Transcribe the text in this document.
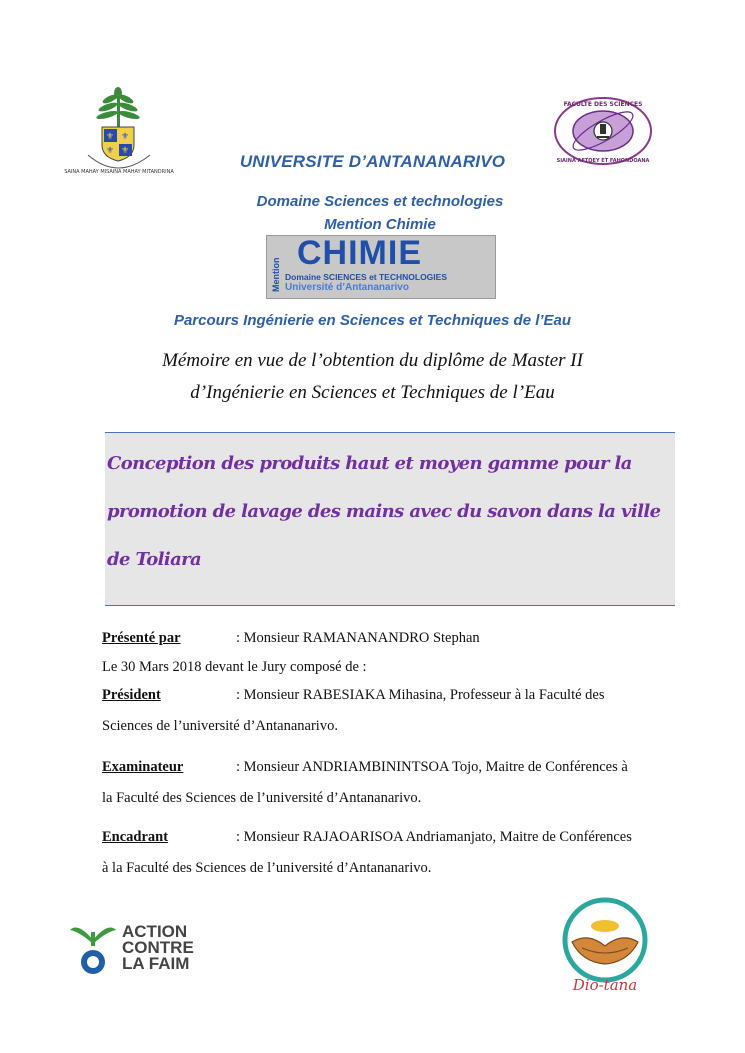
⚜
⚜
⚜
⚜
SAINA MAHAY MISAINA MAHAY MITANDRINA
FACULTE DES SCIENCES
SIAINA AFTOEY ET FAHONDOANA
UNIVERSITE D’ANTANANARIVO
Domaine Sciences et technologies
Mention Chimie
Mention
CHIMIE
Domaine SCIENCES et TECHNOLOGIES
Université d’Antananarivo
Parcours Ingénierie en Sciences et Techniques de l’Eau
Mémoire en vue de l’obtention du diplôme de Master II
d’Ingénierie en Sciences et Techniques de l’Eau
Conception des produits haut et moyen gamme pour la promotion de lavage des mains avec du savon dans la ville de Toliara
Présenté par	: Monsieur RAMANANANDRO Stephan
Le 30 Mars 2018 devant le Jury composé de :
Président	: Monsieur RABESIAKA Mihasina, Professeur à la Faculté des
Sciences de l’université d’Antananarivo.
Examinateur	: Monsieur ANDRIAMBININTSOA Tojo, Maitre de Conférences à
la Faculté des Sciences de l’université d’Antananarivo.
Encadrant	: Monsieur RAJAOARISOA Andriamanjato, Maitre de Conférences
à la Faculté des Sciences de l’université d’Antananarivo.
ACTION
CONTRE
LA FAIM
Dio-tana
